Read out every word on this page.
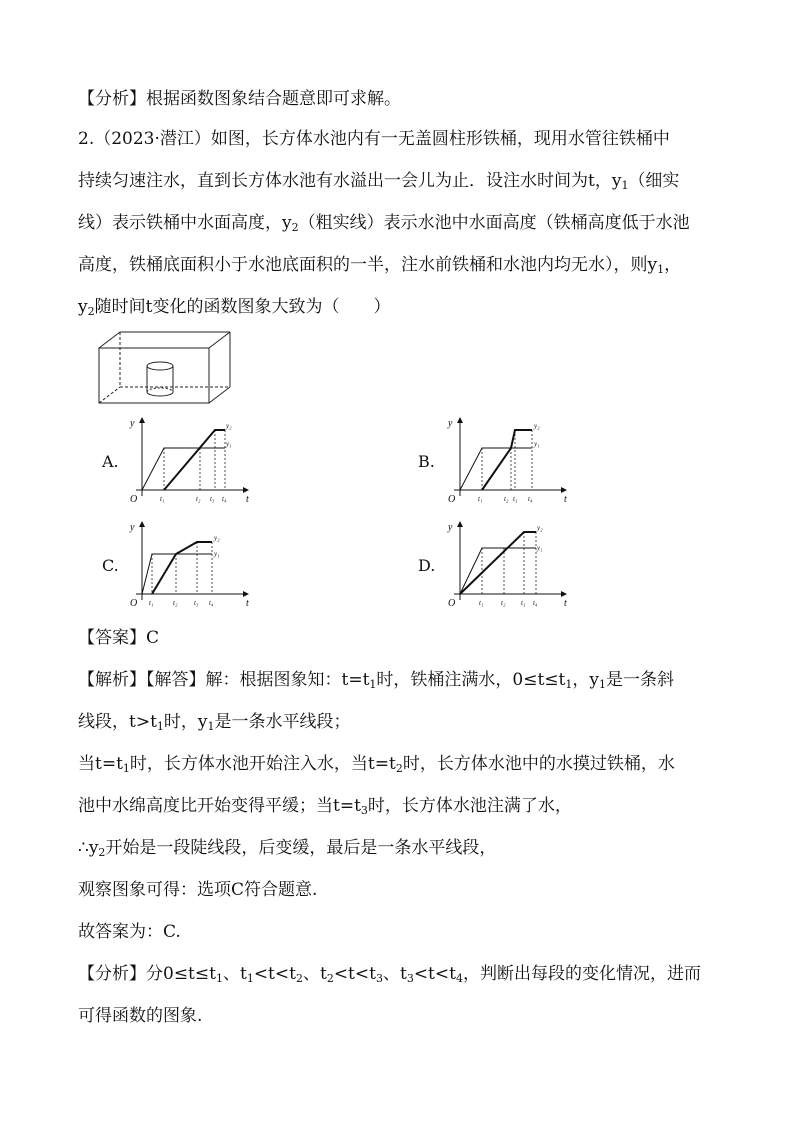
【分析】根据函数图象结合题意即可求解。
2.（2023·潜江）如图，长方体水池内有一无盖圆柱形铁桶，现用水管往铁桶中
持续匀速注水，直到长方体水池有水溢出一会儿为止．设注水时间为t，$y_1$（细实
线）表示铁桶中水面高度，$y_2$（粗实线）表示水池中水面高度（铁桶高度低于水池
高度，铁桶底面积小于水池底面积的一半，注水前铁桶和水池内均无水），则$y_1$，
$y_2$随时间t变化的函数图象大致为（　　）
A.	B.
C.	D.
y
t
O
y₂
y₁
t₁	t₂ t₃ t₄
y
t
O
y₂
y₁
t₁	t₂ t₃ t₄
y
t
O
y₂
y₁
t₁	t₂ t₃ t₄
y
t
O
y₂
y₁
t₁	t₂ t₃ t₄
【答案】C
【解析】【解答】解：根据图象知：$t=t_1$时，铁桶注满水，$0\le t\le t_1$，$y_1$是一条斜
线段，$t>t_1$时，$y_1$是一条水平线段；
当$t=t_1$时，长方体水池开始注入水，当$t=t_2$时，长方体水池中的水摸过铁桶，水
池中水绵高度比开始变得平缓；当$t=t_3$时，长方体水池注满了水，
$\therefore y_2$开始是一段陡线段，后变缓，最后是一条水平线段，
观察图象可得：选项C符合题意.
故答案为：C.
【分析】分$0\le t\le t_1$、$t_1<t<t_2$、$t_2<t<t_3$、$t_3<t<t_4$，判断出每段的变化情况，进而
可得函数的图象.
